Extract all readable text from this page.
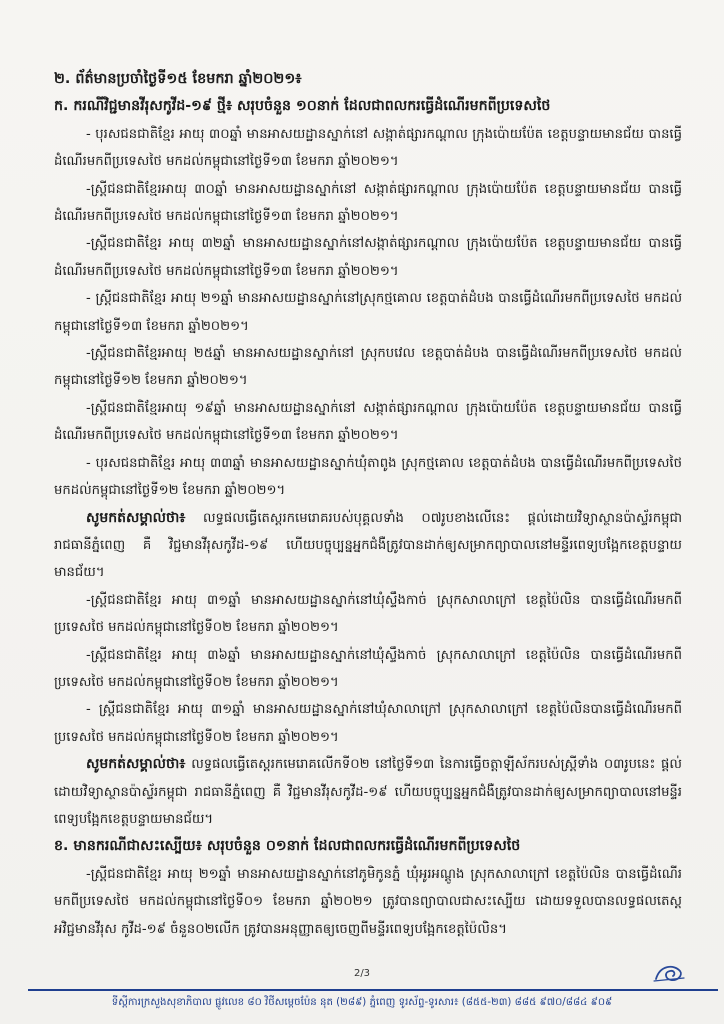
២. ព័ត៌មានប្រចាំថ្ងៃទី១៥ ខែមករា ឆ្នាំ២០២១៖

ក. ករណីវិជ្ជមានវីរុសកូវីដ-១៩ ថ្មី៖ សរុបចំនួន ១០នាក់ ដែលជាពលករធ្វើដំណើរមកពីប្រទេសថៃ

- បុរសជនជាតិខ្មែរ អាយុ ៣០ឆ្នាំ មានអាសយដ្ឋានស្នាក់នៅ សង្កាត់ផ្សារកណ្តាល ក្រុងប៉ោយប៉ែត ខេត្តបន្ទាយមានជ័យ បានធ្វើដំណើរមកពីប្រទេសថៃ មកដល់កម្ពុជានៅថ្ងៃទី១៣ ខែមករា ឆ្នាំ២០២១។

-ស្ត្រីជនជាតិខ្មែរអាយុ ៣០ឆ្នាំ មានអាសយដ្ឋានស្នាក់នៅ សង្កាត់ផ្សារកណ្តាល ក្រុងប៉ោយប៉ែត ខេត្តបន្ទាយមានជ័យ បានធ្វើដំណើរមកពីប្រទេសថៃ មកដល់កម្ពុជានៅថ្ងៃទី១៣ ខែមករា ឆ្នាំ២០២១។

-ស្ត្រីជនជាតិខ្មែរ អាយុ ៣២ឆ្នាំ មានអាសយដ្ឋានស្នាក់នៅសង្កាត់ផ្សារកណ្តាល ក្រុងប៉ោយប៉ែត ខេត្តបន្ទាយមានជ័យ បានធ្វើដំណើរមកពីប្រទេសថៃ មកដល់កម្ពុជានៅថ្ងៃទី១៣ ខែមករា ឆ្នាំ២០២១។

- ស្ត្រីជនជាតិខ្មែរ អាយុ ២១ឆ្នាំ មានអាសយដ្ឋានស្នាក់នៅស្រុកថ្មគោល ខេត្តបាត់ដំបង បានធ្វើដំណើរមកពីប្រទេសថៃ មកដល់កម្ពុជានៅថ្ងៃទី១៣ ខែមករា ឆ្នាំ២០២១។

-ស្ត្រីជនជាតិខ្មែរអាយុ ២៥ឆ្នាំ មានអាសយដ្ឋានស្នាក់នៅ ស្រុកបវេល ខេត្តបាត់ដំបង បានធ្វើដំណើរមកពីប្រទេសថៃ មកដល់កម្ពុជានៅថ្ងៃទី១២ ខែមករា ឆ្នាំ២០២១។

-ស្ត្រីជនជាតិខ្មែរអាយុ ១៩ឆ្នាំ មានអាសយដ្ឋានស្នាក់នៅ សង្កាត់ផ្សារកណ្តាល ក្រុងប៉ោយប៉ែត ខេត្តបន្ទាយមានជ័យ បានធ្វើដំណើរមកពីប្រទេសថៃ មកដល់កម្ពុជានៅថ្ងៃទី១៣ ខែមករា ឆ្នាំ២០២១។

- បុរសជនជាតិខ្មែរ អាយុ ៣៣ឆ្នាំ មានអាសយដ្ឋានស្នាក់ឃុំតាពូង ស្រុកថ្មគោល ខេត្តបាត់ដំបង បានធ្វើដំណើរមកពីប្រទេសថៃ មកដល់កម្ពុជានៅថ្ងៃទី១២ ខែមករា ឆ្នាំ២០២១។

សូមកត់សម្គាល់ថា៖ លទ្ធផលធ្វើតេស្តរកមេរោគរបស់បុគ្គលទាំង ០៧រូបខាងលើនេះ ផ្តល់ដោយវិទ្យាស្ថានប៉ាស្ទ័រកម្ពុជា រាជធានីភ្នំពេញ គឺ វិជ្ជមានវីរុសកូវីដ-១៩ ហើយបច្ចុប្បន្នអ្នកជំងឺត្រូវបានដាក់ឲ្យសម្រាកព្យាបាលនៅមន្ទីរពេទ្យបង្អែកខេត្តបន្ទាយមានជ័យ។

-ស្ត្រីជនជាតិខ្មែរ អាយុ ៣១ឆ្នាំ មានអាសយដ្ឋានស្នាក់នៅឃុំស្ទឹងកាច់ ស្រុកសាលាក្រៅ ខេត្តប៉ៃលិន បានធ្វើដំណើរមកពីប្រទេសថៃ មកដល់កម្ពុជានៅថ្ងៃទី០២ ខែមករា ឆ្នាំ២០២១។

-ស្ត្រីជនជាតិខ្មែរ អាយុ ៣៦ឆ្នាំ មានអាសយដ្ឋានស្នាក់នៅឃុំស្ទឹងកាច់ ស្រុកសាលាក្រៅ ខេត្តប៉ៃលិន បានធ្វើដំណើរមកពីប្រទេសថៃ មកដល់កម្ពុជានៅថ្ងៃទី០២ ខែមករា ឆ្នាំ២០២១។

- ស្ត្រីជនជាតិខ្មែរ អាយុ ៣១ឆ្នាំ មានអាសយដ្ឋានស្នាក់នៅឃុំសាលាក្រៅ ស្រុកសាលាក្រៅ ខេត្តប៉ៃលិនបានធ្វើដំណើរមកពីប្រទេសថៃ មកដល់កម្ពុជានៅថ្ងៃទី០២ ខែមករា ឆ្នាំ២០២១។

សូមកត់សម្គាល់ថា៖ លទ្ធផលធ្វើតេស្តរកមេរោគលើកទី០២ នៅថ្ងៃទី១៣ នៃការធ្វើចត្តាឡីស័ករបស់ស្ត្រីទាំង ០៣រូបនេះ ផ្តល់ដោយវិទ្យាស្ថានប៉ាស្ទ័រកម្ពុជា រាជធានីភ្នំពេញ គឺ វិជ្ជមានវីរុសកូវីដ-១៩ ហើយបច្ចុប្បន្នអ្នកជំងឺត្រូវបានដាក់ឲ្យសម្រាកព្យាបាលនៅមន្ទីរពេទ្យបង្អែកខេត្តបន្ទាយមានជ័យ។

ខ. មានករណីជាសះស្បើយ៖ សរុបចំនួន ០១នាក់ ដែលជាពលករធ្វើដំណើរមកពីប្រទេសថៃ

-ស្ត្រីជនជាតិខ្មែរ អាយុ ២១ឆ្នាំ មានអាសយដ្ឋានស្នាក់នៅភូមិកូនភ្នំ ឃុំអូរអណ្តូង ស្រុកសាលាក្រៅ ខេត្តប៉ៃលិន បានធ្វើដំណើរមកពីប្រទេសថៃ មកដល់កម្ពុជានៅថ្ងៃទី០១ ខែមករា ឆ្នាំ២០២១ ត្រូវបានព្យាបាលជាសះស្បើយ ដោយទទួលបានលទ្ធផលតេស្ត អវិជ្ជមានវីរុស កូវីដ-១៩ ចំនួន០២លើក ត្រូវបានអនុញ្ញាតឲ្យចេញពីមន្ទីរពេទ្យបង្អែកខេត្តប៉ៃលិន។

2/3
ទីស្តីការក្រសួងសុខាភិបាល ផ្លូវលេខ ៨០ វិថីសម្តេចប៉ែន នុត (២៨៩) ភ្នំពេញ ទូរស័ព្ទ-ទូរសារ៖ (៨៥៥-២៣) ៨៨៥ ៩៧០/៨៨៤ ៩០៩
